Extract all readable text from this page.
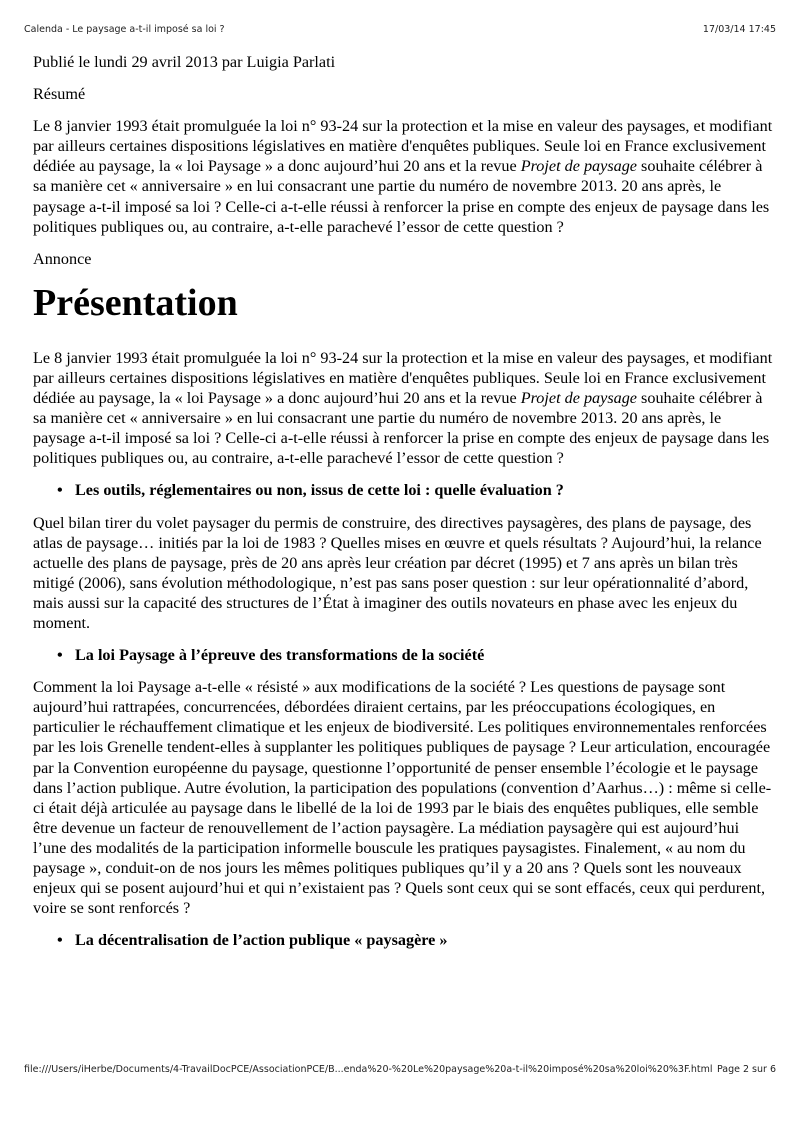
Calenda - Le paysage a-t-il imposé sa loi ?	17/03/14 17:45

Publié le lundi 29 avril 2013 par Luigia Parlati

Résumé

Le 8 janvier 1993 était promulguée la loi n° 93-24 sur la protection et la mise en valeur des paysages, et modifiant par ailleurs certaines dispositions législatives en matière d'enquêtes publiques. Seule loi en France exclusivement dédiée au paysage, la « loi Paysage » a donc aujourd’hui 20 ans et la revue Projet de paysage souhaite célébrer à sa manière cet « anniversaire » en lui consacrant une partie du numéro de novembre 2013. 20 ans après, le paysage a-t-il imposé sa loi ? Celle-ci a-t-elle réussi à renforcer la prise en compte des enjeux de paysage dans les politiques publiques ou, au contraire, a-t-elle parachevé l’essor de cette question ?

Annonce

Présentation

Le 8 janvier 1993 était promulguée la loi n° 93-24 sur la protection et la mise en valeur des paysages, et modifiant par ailleurs certaines dispositions législatives en matière d'enquêtes publiques. Seule loi en France exclusivement dédiée au paysage, la « loi Paysage » a donc aujourd’hui 20 ans et la revue Projet de paysage souhaite célébrer à sa manière cet « anniversaire » en lui consacrant une partie du numéro de novembre 2013. 20 ans après, le paysage a-t-il imposé sa loi ? Celle-ci a-t-elle réussi à renforcer la prise en compte des enjeux de paysage dans les politiques publiques ou, au contraire, a-t-elle parachevé l’essor de cette question ?

• Les outils, réglementaires ou non, issus de cette loi : quelle évaluation ?

Quel bilan tirer du volet paysager du permis de construire, des directives paysagères, des plans de paysage, des atlas de paysage… initiés par la loi de 1983 ? Quelles mises en œuvre et quels résultats ? Aujourd’hui, la relance actuelle des plans de paysage, près de 20 ans après leur création par décret (1995) et 7 ans après un bilan très mitigé (2006), sans évolution méthodologique, n’est pas sans poser question : sur leur opérationnalité d’abord, mais aussi sur la capacité des structures de l’État à imaginer des outils novateurs en phase avec les enjeux du moment.

• La loi Paysage à l’épreuve des transformations de la société

Comment la loi Paysage a-t-elle « résisté » aux modifications de la société ? Les questions de paysage sont aujourd’hui rattrapées, concurrencées, débordées diraient certains, par les préoccupations écologiques, en particulier le réchauffement climatique et les enjeux de biodiversité. Les politiques environnementales renforcées par les lois Grenelle tendent-elles à supplanter les politiques publiques de paysage ? Leur articulation, encouragée par la Convention européenne du paysage, questionne l’opportunité de penser ensemble l’écologie et le paysage dans l’action publique. Autre évolution, la participation des populations (convention d’Aarhus…) : même si celle-ci était déjà articulée au paysage dans le libellé de la loi de 1993 par le biais des enquêtes publiques, elle semble être devenue un facteur de renouvellement de l’action paysagère. La médiation paysagère qui est aujourd’hui l’une des modalités de la participation informelle bouscule les pratiques paysagistes. Finalement, « au nom du paysage », conduit-on de nos jours les mêmes politiques publiques qu’il y a 20 ans ? Quels sont les nouveaux enjeux qui se posent aujourd’hui et qui n’existaient pas ? Quels sont ceux qui se sont effacés, ceux qui perdurent, voire se sont renforcés ?

• La décentralisation de l’action publique « paysagère »

file:///Users/iHerbe/Documents/4-TravailDocPCE/AssociationPCE/B...enda%20-%20Le%20paysage%20a-t-il%20imposé%20sa%20loi%20%3F.html Page 2 sur 6
